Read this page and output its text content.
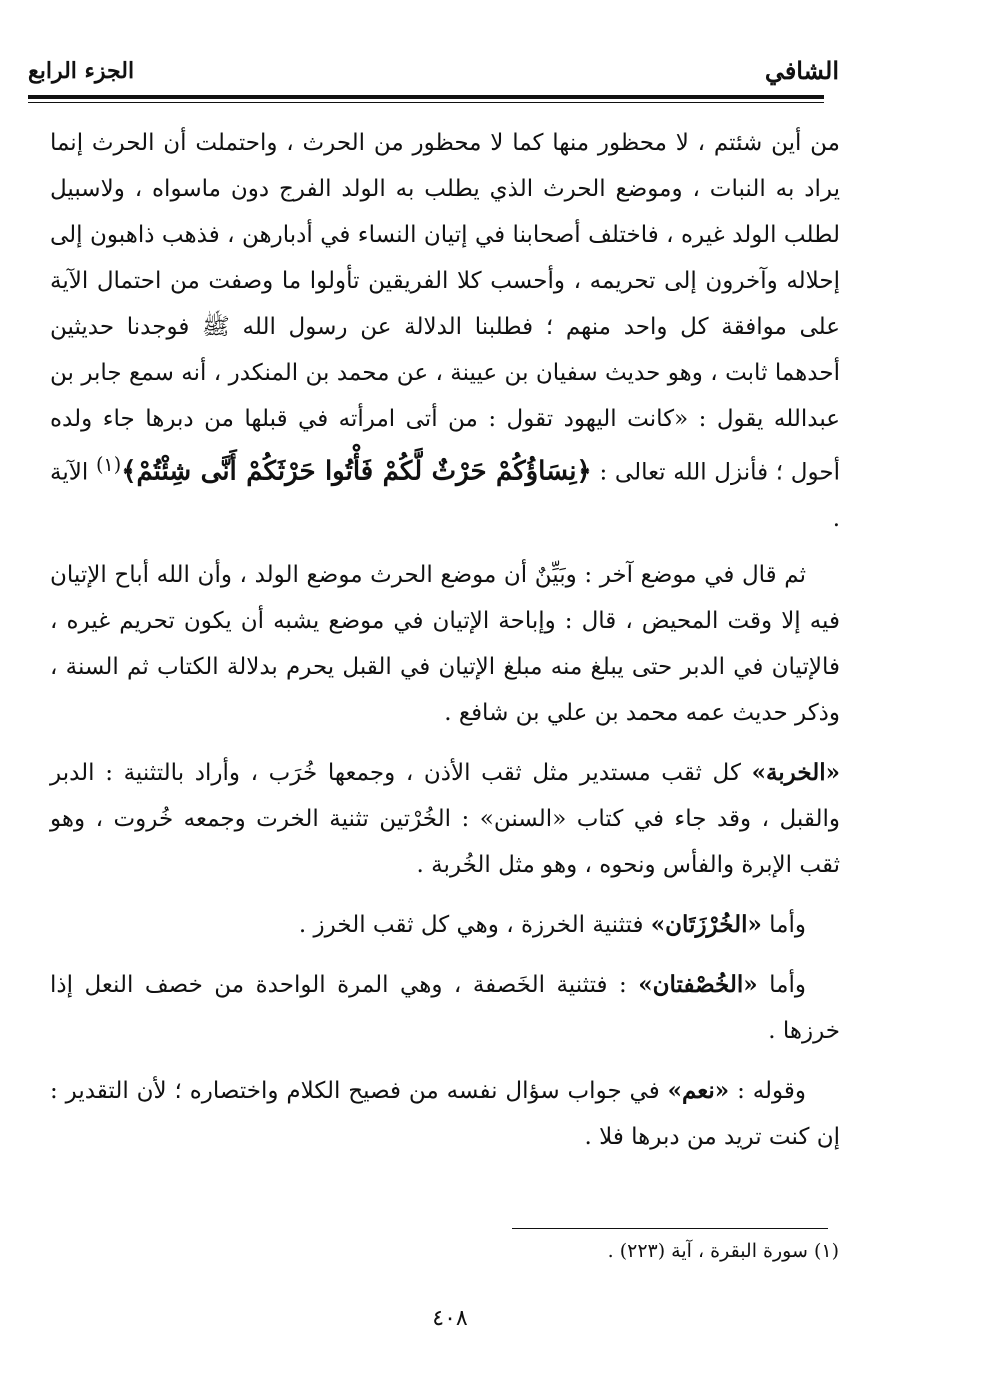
الشافي
الجزء الرابع

من أين شئتم ، لا محظور منها كما لا محظور من الحرث ، واحتملت أن الحرث إنما يراد به النبات ، وموضع الحرث الذي يطلب به الولد الفرج دون ماسواه ، ولاسبيل لطلب الولد غيره ، فاختلف أصحابنا في إتيان النساء في أدبارهن ، فذهب ذاهبون إلى إحلاله وآخرون إلى تحريمه ، وأحسب كلا الفريقين تأولوا ما وصفت من احتمال الآية على موافقة كل واحد منهم ؛ فطلبنا الدلالة عن رسول الله ﷺ فوجدنا حديثين أحدهما ثابت ، وهو حديث سفيان بن عيينة ، عن محمد بن المنكدر ، أنه سمع جابر بن عبدالله يقول : «كانت اليهود تقول : من أتى امرأته في قبلها من دبرها جاء ولده أحول ؛ فأنزل الله تعالى : ﴿نِسَاؤُكُمْ حَرْثٌ لَّكُمْ فَأْتُوا حَرْثَكُمْ أَنَّى شِئْتُمْ﴾$^{(١)}$ الآية .

ثم قال في موضع آخر : وبَيِّنٌ أن موضع الحرث موضع الولد ، وأن الله أباح الإتيان فيه إلا وقت المحيض ، قال : وإباحة الإتيان في موضع يشبه أن يكون تحريم غيره ، فالإتيان في الدبر حتى يبلغ منه مبلغ الإتيان في القبل يحرم بدلالة الكتاب ثم السنة ، وذكر حديث عمه محمد بن علي بن شافع .

«الخربة» كل ثقب مستدير مثل ثقب الأذن ، وجمعها خُرَب ، وأراد بالتثنية : الدبر والقبل ، وقد جاء في كتاب «السنن» : الخُرْتين تثنية الخرت وجمعه خُروت ، وهو ثقب الإبرة والفأس ونحوه ، وهو مثل الخُربة .

وأما «الخُرْزَتَان» فتثنية الخرزة ، وهي كل ثقب الخرز .

وأما «الخُصْفتان» : فتثنية الخَصفة ، وهي المرة الواحدة من خصف النعل إذا خرزها .

وقوله : «نعم» في جواب سؤال نفسه من فصيح الكلام واختصاره ؛ لأن التقدير : إن كنت تريد من دبرها فلا .

(١) سورة البقرة ، آية (٢٢٣) .
٤٠٨
